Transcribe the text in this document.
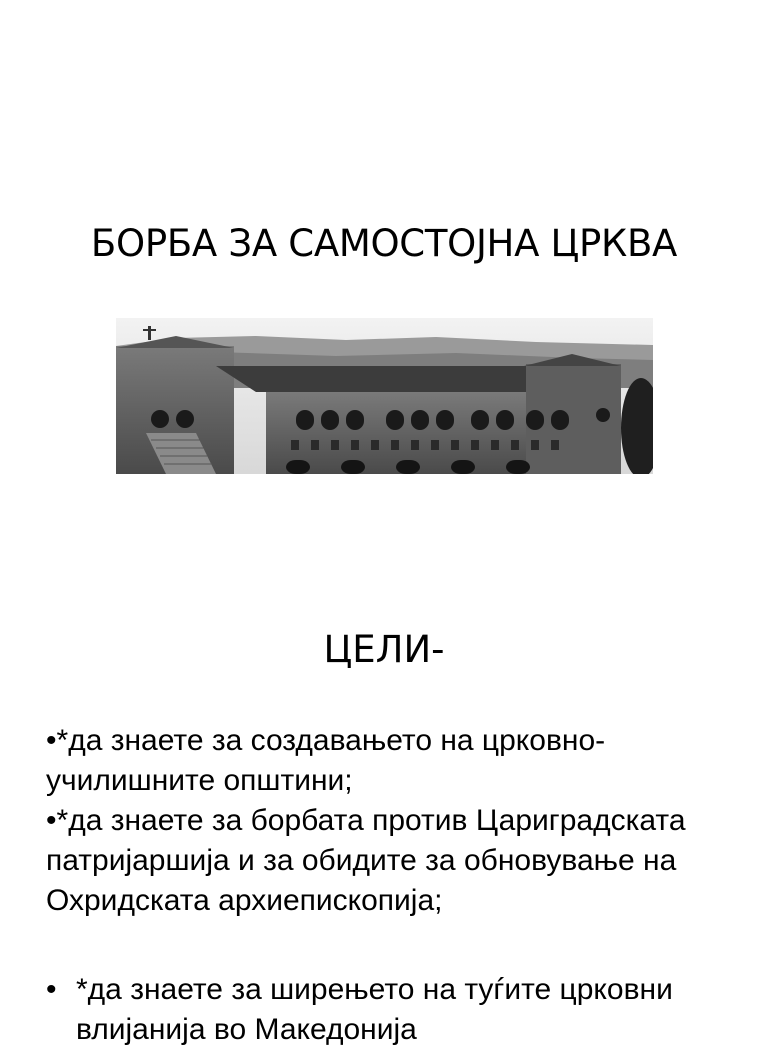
БОРБА ЗА САМОСТОЈНА ЦРКВА
ЦЕЛИ-

•*да знаете за создавањето на црковно-училишните општини;

•*да знаете за борбата против Цариградската патријаршија и за обидите за обновување на Охридската архиепископија;

• *да знаете за ширењето на туѓите црковни влијанија во Македонија
